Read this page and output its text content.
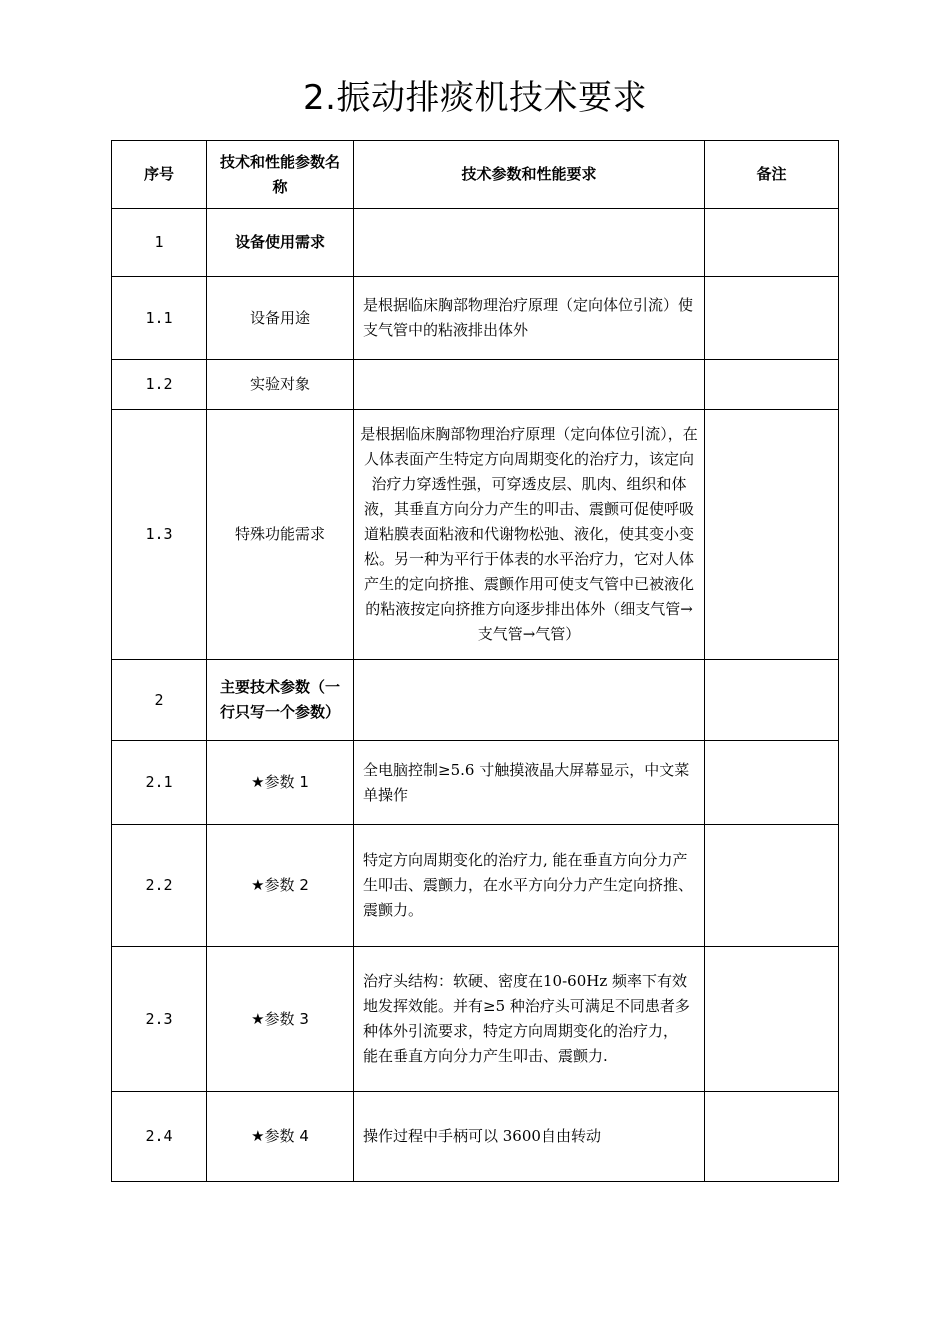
2.振动排痰机技术要求
序号	技术和性能参数名称	技术参数和性能要求	备注
1	设备使用需求		
1.1	设备用途	是根据临床胸部物理治疗原理（定向体位引流）使支气管中的粘液排出体外	
1.2	实验对象		
1.3	特殊功能需求	是根据临床胸部物理治疗原理（定向体位引流），在人体表面产生特定方向周期变化的治疗力，该定向治疗力穿透性强，可穿透皮层、肌肉、组织和体液，其垂直方向分力产生的叩击、震颤可促使呼吸道粘膜表面粘液和代谢物松弛、液化，使其变小变松。另一种为平行于体表的水平治疗力，它对人体产生的定向挤推、震颤作用可使支气管中已被液化的粘液按定向挤推方向逐步排出体外（细支气管→支气管→气管）	
2	主要技术参数（一行只写一个参数）		
2.1	★参数 1	全电脑控制≥5.6 寸触摸液晶大屏幕显示，中文菜单操作	
2.2	★参数 2	特定方向周期变化的治疗力, 能在垂直方向分力产生叩击、震颤力，在水平方向分力产生定向挤推、震颤力。	
2.3	★参数 3	治疗头结构：软硬、密度在10-60Hz 频率下有效地发挥效能。并有≥5 种治疗头可满足不同患者多种体外引流要求，特定方向周期变化的治疗力， 能在垂直方向分力产生叩击、震颤力.	
2.4	★参数 4	操作过程中手柄可以 3600自由转动	
